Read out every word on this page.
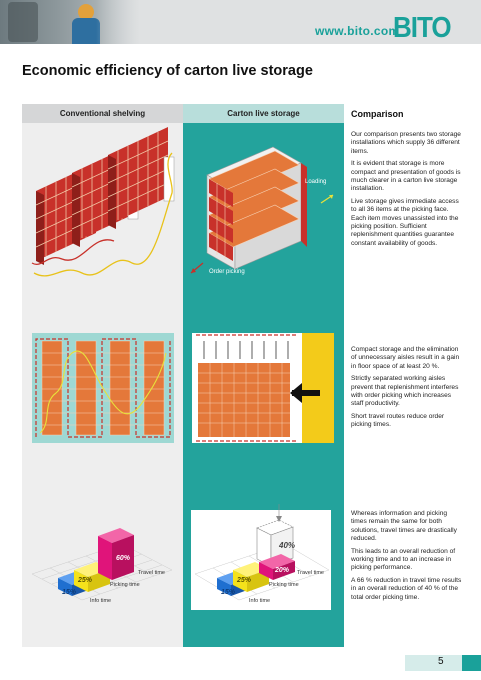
www.bito.com
BITO
Economic efficiency of carton live storage
Conventional shelving	Carton live storage	Comparison
Loading
Order picking
15%
25%
60%
Info time
Picking time
Travel time
15%
25%
20%
40%
Info time
Picking time
Travel time

Our comparison presents two storage installations which supply 36 different items.

It is evident that storage is more compact and presentation of goods is much clearer in a carton live storage installation.

Live storage gives immediate access to all 36 items at the picking face. Each item moves unassisted into the picking position. Sufficient replenishment quantities guarantee constant availability of goods.

Compact storage and the elimination of unnecessary aisles result in a gain in floor space of at least 20 %.

Strictly separated working aisles prevent that replenishment interferes with order picking which increases staff productivity.

Short travel routes reduce order picking times.

Whereas information and picking times remain the same for both solutions, travel times are drastically reduced.

This leads to an overall reduction of working time and to an increase in picking performance.

A 66 % reduction in travel time results in an overall reduction of 40 % of the total order picking time.

5
